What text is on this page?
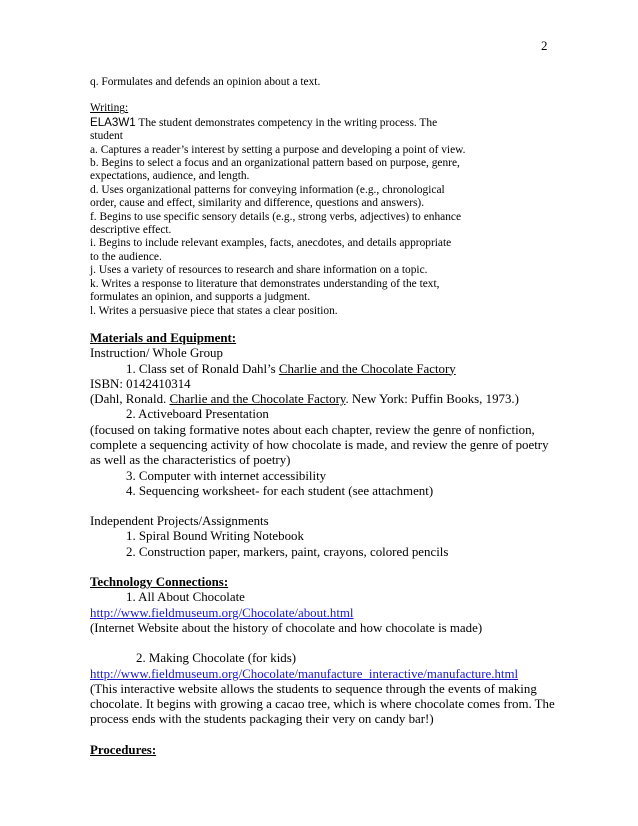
2
q. Formulates and defends an opinion about a text.
Writing:
ELA3W1 The student demonstrates competency in the writing process. The
student
a. Captures a reader’s interest by setting a purpose and developing a point of view.
b. Begins to select a focus and an organizational pattern based on purpose, genre,
expectations, audience, and length.
d. Uses organizational patterns for conveying information (e.g., chronological
order, cause and effect, similarity and difference, questions and answers).
f. Begins to use specific sensory details (e.g., strong verbs, adjectives) to enhance
descriptive effect.
i. Begins to include relevant examples, facts, anecdotes, and details appropriate
to the audience.
j. Uses a variety of resources to research and share information on a topic.
k. Writes a response to literature that demonstrates understanding of the text,
formulates an opinion, and supports a judgment.
l. Writes a persuasive piece that states a clear position.
Materials and Equipment:
Instruction/ Whole Group
1. Class set of Ronald Dahl’s Charlie and the Chocolate Factory
ISBN: 0142410314
(Dahl, Ronald. Charlie and the Chocolate Factory. New York: Puffin Books, 1973.)
2. Activeboard Presentation
(focused on taking formative notes about each chapter, review the genre of nonfiction,
complete a sequencing activity of how chocolate is made, and review the genre of poetry
as well as the characteristics of poetry)
3. Computer with internet accessibility
4. Sequencing worksheet- for each student (see attachment)
Independent Projects/Assignments
1. Spiral Bound Writing Notebook
2. Construction paper, markers, paint, crayons, colored pencils
Technology Connections:
1. All About Chocolate
http://www.fieldmuseum.org/Chocolate/about.html
(Internet Website about the history of chocolate and how chocolate is made)
2. Making Chocolate (for kids)
http://www.fieldmuseum.org/Chocolate/manufacture_interactive/manufacture.html
(This interactive website allows the students to sequence through the events of making
chocolate. It begins with growing a cacao tree, which is where chocolate comes from. The
process ends with the students packaging their very on candy bar!)
Procedures:
